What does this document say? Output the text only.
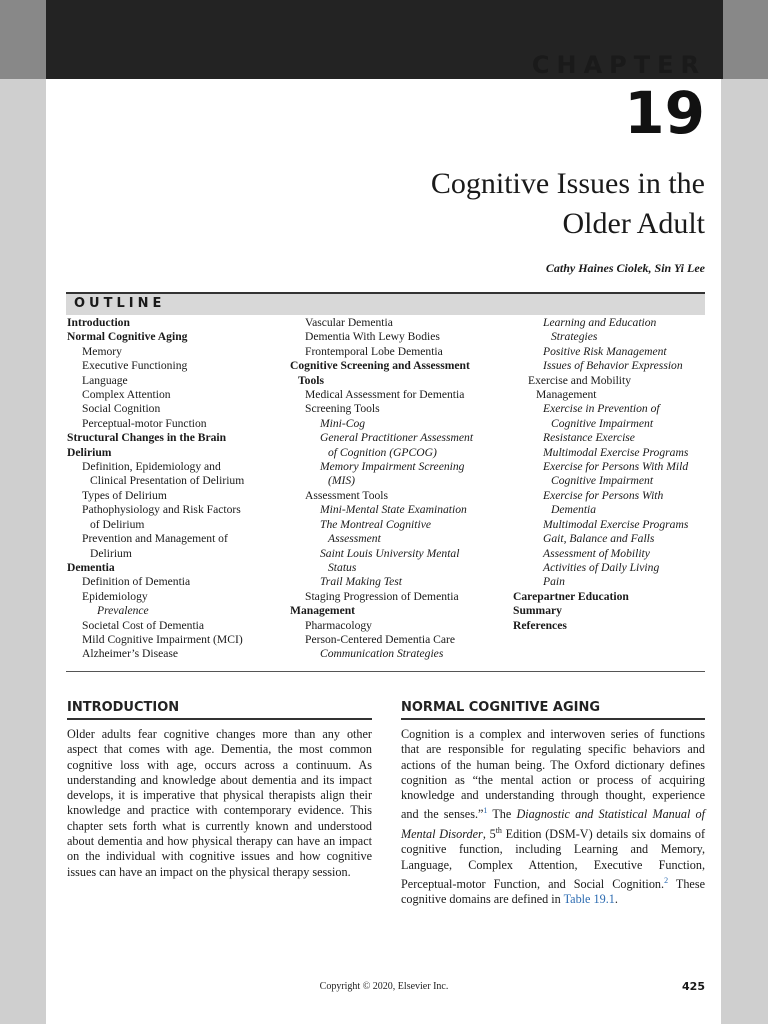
CHAPTER
19
Cognitive Issues in the
Older Adult
Cathy Haines Ciolek, Sin Yi Lee
OUTLINE
Introduction
Normal Cognitive Aging
Memory
Executive Functioning
Language
Complex Attention
Social Cognition
Perceptual-motor Function
Structural Changes in the Brain
Delirium
Definition, Epidemiology and
Clinical Presentation of Delirium
Types of Delirium
Pathophysiology and Risk Factors
of Delirium
Prevention and Management of
Delirium
Dementia
Definition of Dementia
Epidemiology
Prevalence
Societal Cost of Dementia
Mild Cognitive Impairment (MCI)
Alzheimer’s Disease
Vascular Dementia
Dementia With Lewy Bodies
Frontemporal Lobe Dementia
Cognitive Screening and Assessment
Tools
Medical Assessment for Dementia
Screening Tools
Mini-Cog
General Practitioner Assessment
of Cognition (GPCOG)
Memory Impairment Screening
(MIS)
Assessment Tools
Mini-Mental State Examination
The Montreal Cognitive
Assessment
Saint Louis University Mental
Status
Trail Making Test
Staging Progression of Dementia
Management
Pharmacology
Person-Centered Dementia Care
Communication Strategies
Learning and Education
Strategies
Positive Risk Management
Issues of Behavior Expression
Exercise and Mobility
Management
Exercise in Prevention of
Cognitive Impairment
Resistance Exercise
Multimodal Exercise Programs
Exercise for Persons With Mild
Cognitive Impairment
Exercise for Persons With
Dementia
Multimodal Exercise Programs
Gait, Balance and Falls
Assessment of Mobility
Activities of Daily Living
Pain
Carepartner Education
Summary
References
INTRODUCTION
Older adults fear cognitive changes more than any other aspect that comes with age. Dementia, the most common cognitive loss with age, occurs across a continuum. As understanding and knowledge about dementia and its impact develops, it is imperative that physical therapists align their knowledge and practice with contemporary evidence. This chapter sets forth what is currently known and understood about dementia and how physical therapy can have an impact on the individual with cognitive issues and how cognitive issues can have an impact on the physical therapy session.
NORMAL COGNITIVE AGING
Cognition is a complex and interwoven series of functions that are responsible for regulating specific behaviors and actions of the human being. The Oxford dictionary defines cognition as “the mental action or process of acquiring knowledge and understanding through thought, experience and the senses.”$^1$ The Diagnostic and Statistical Manual of Mental Disorder, 5th Edition (DSM-V) details six domains of cognitive function, including Learning and Memory, Language, Complex Attention, Executive Function, Perceptual-motor Function, and Social Cognition.$^2$ These cognitive domains are defined in Table 19.1.
Copyright © 2020, Elsevier Inc.	425
